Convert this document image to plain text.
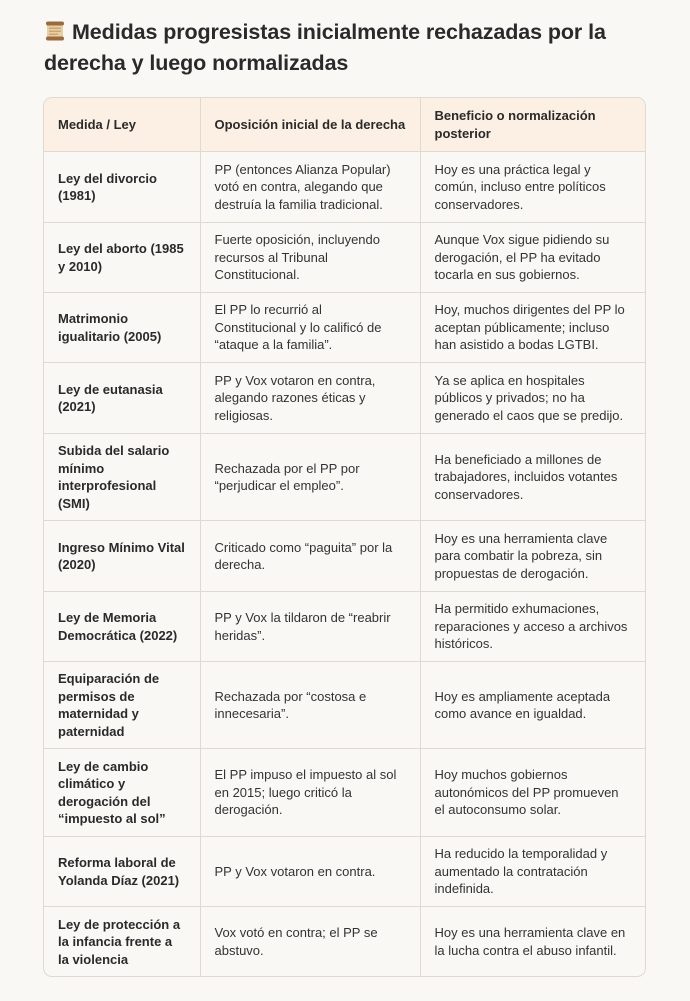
Medidas progresistas inicialmente rechazadas por la derecha y luego normalizadas
Medida / Ley	Oposición inicial de la derecha	Beneficio o normalización posterior
Ley del divorcio (1981)	PP (entonces Alianza Popular) votó en contra, alegando que destruía la familia tradicional.	Hoy es una práctica legal y común, incluso entre políticos conservadores.
Ley del aborto (1985 y 2010)	Fuerte oposición, incluyendo recursos al Tribunal Constitucional.	Aunque Vox sigue pidiendo su derogación, el PP ha evitado tocarla en sus gobiernos.
Matrimonio igualitario (2005)	El PP lo recurrió al Constitucional y lo calificó de “ataque a la familia”.	Hoy, muchos dirigentes del PP lo aceptan públicamente; incluso han asistido a bodas LGTBI.
Ley de eutanasia (2021)	PP y Vox votaron en contra, alegando razones éticas y religiosas.	Ya se aplica en hospitales públicos y privados; no ha generado el caos que se predijo.
Subida del salario mínimo interprofesional (SMI)	Rechazada por el PP por “perjudicar el empleo”.	Ha beneficiado a millones de trabajadores, incluidos votantes conservadores.
Ingreso Mínimo Vital (2020)	Criticado como “paguita” por la derecha.	Hoy es una herramienta clave para combatir la pobreza, sin propuestas de derogación.
Ley de Memoria Democrática (2022)	PP y Vox la tildaron de “reabrir heridas”.	Ha permitido exhumaciones, reparaciones y acceso a archivos históricos.
Equiparación de permisos de maternidad y paternidad	Rechazada por “costosa e innecesaria”.	Hoy es ampliamente aceptada como avance en igualdad.
Ley de cambio climático y derogación del “impuesto al sol”	El PP impuso el impuesto al sol en 2015; luego criticó la derogación.	Hoy muchos gobiernos autonómicos del PP promueven el autoconsumo solar.
Reforma laboral de Yolanda Díaz (2021)	PP y Vox votaron en contra.	Ha reducido la temporalidad y aumentado la contratación indefinida.
Ley de protección a la infancia frente a la violencia	Vox votó en contra; el PP se abstuvo.	Hoy es una herramienta clave en la lucha contra el abuso infantil.
